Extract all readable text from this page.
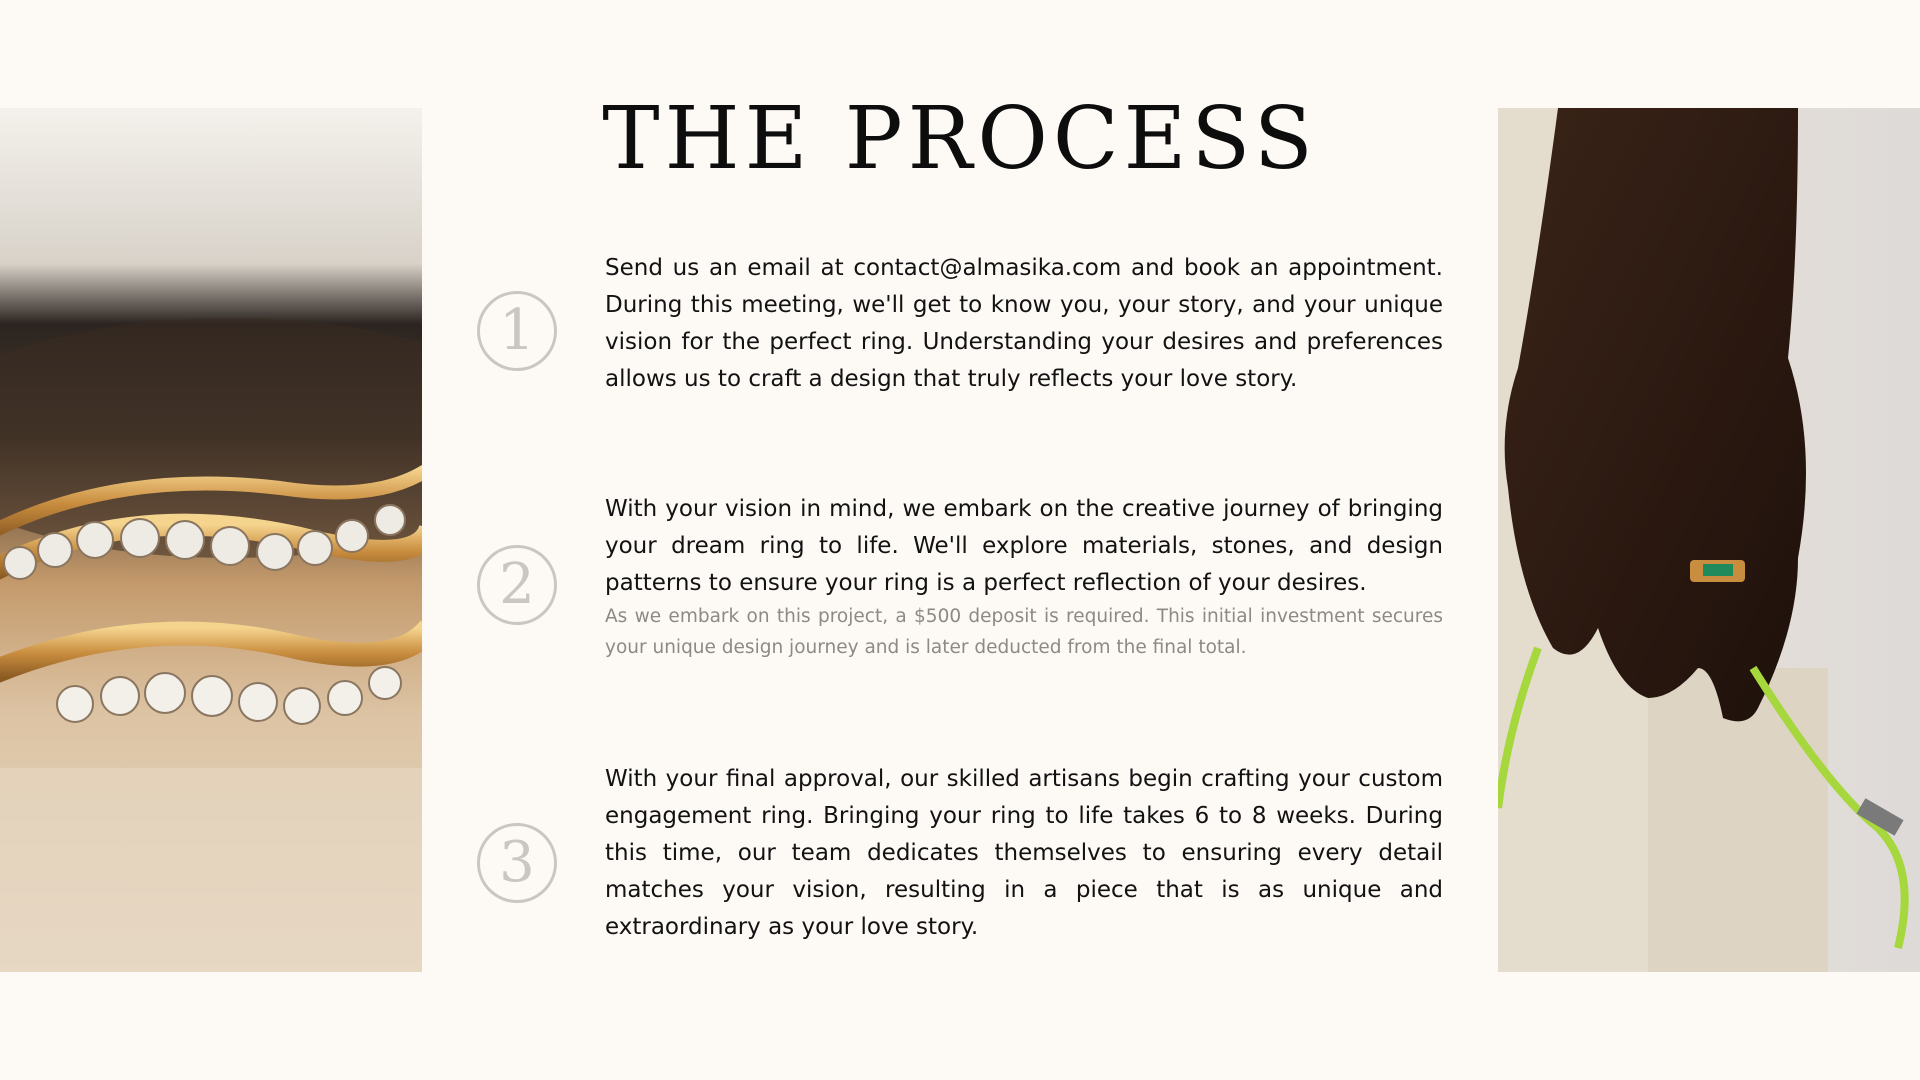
THE PROCESS
1

Send us an email at contact@almasika.com and book an appointment. During this meeting, we'll get to know you, your story, and your unique vision for the perfect ring. Understanding your desires and preferences allows us to craft a design that truly reflects your love story.

2

With your vision in mind, we embark on the creative journey of bringing your dream ring to life. We'll explore materials, stones, and design patterns to ensure your ring is a perfect reflection of your desires.

As we embark on this project, a $500 deposit is required. This initial investment secures your unique design journey and is later deducted from the final total.

3

With your final approval, our skilled artisans begin crafting your custom engagement ring. Bringing your ring to life takes 6 to 8 weeks. During this time, our team dedicates themselves to ensuring every detail matches your vision, resulting in a piece that is as unique and extraordinary as your love story.
